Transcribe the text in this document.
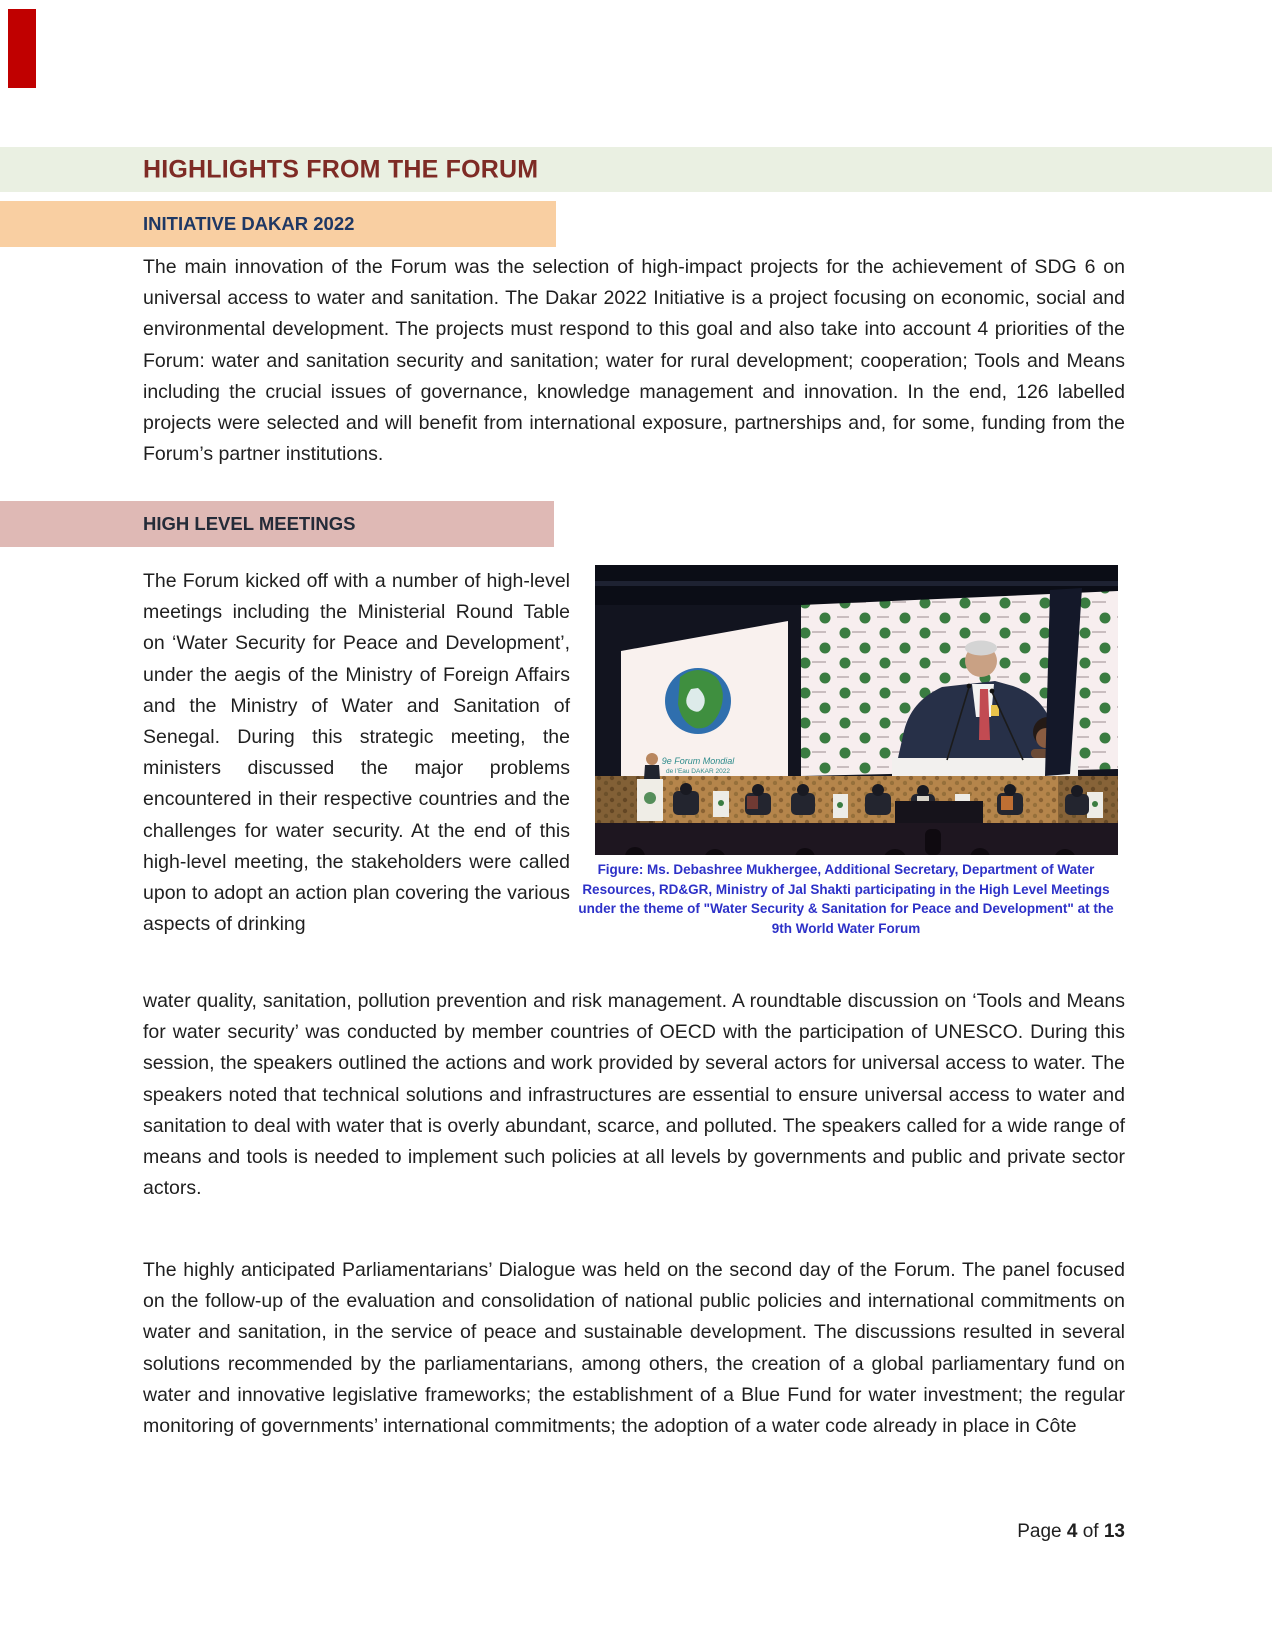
HIGHLIGHTS FROM THE FORUM
INITIATIVE DAKAR 2022
The main innovation of the Forum was the selection of high-impact projects for the achievement of SDG 6 on universal access to water and sanitation. The Dakar 2022 Initiative is a project focusing on economic, social and environmental development. The projects must respond to this goal and also take into account 4 priorities of the Forum: water and sanitation security and sanitation; water for rural development; cooperation; Tools and Means including the crucial issues of governance, knowledge management and innovation. In the end, 126 labelled projects were selected and will benefit from international exposure, partnerships and, for some, funding from the Forum’s partner institutions.
HIGH LEVEL MEETINGS
The Forum kicked off with a number of high-level meetings including the Ministerial Round Table on ‘Water Security for Peace and Development’, under the aegis of the Ministry of Foreign Affairs and the Ministry of Water and Sanitation of Senegal. During this strategic meeting, the ministers discussed the major problems encountered in their respective countries and the challenges for water security. At the end of this high-level meeting, the stakeholders were called upon to adopt an action plan covering the various aspects of drinking
9e Forum Mondial
de l’Eau DAKAR 2022
Figure: Ms. Debashree Mukhergee, Additional Secretary, Department of Water Resources, RD&GR, Ministry of Jal Shakti participating in the High Level Meetings under the theme of "Water Security & Sanitation for Peace and Development" at the 9th World Water Forum
water quality, sanitation, pollution prevention and risk management. A roundtable discussion on ‘Tools and Means for water security’ was conducted by member countries of OECD with the participation of UNESCO. During this session, the speakers outlined the actions and work provided by several actors for universal access to water. The speakers noted that technical solutions and infrastructures are essential to ensure universal access to water and sanitation to deal with water that is overly abundant, scarce, and polluted. The speakers called for a wide range of means and tools is needed to implement such policies at all levels by governments and public and private sector actors.
The highly anticipated Parliamentarians’ Dialogue was held on the second day of the Forum. The panel focused on the follow-up of the evaluation and consolidation of national public policies and international commitments on water and sanitation, in the service of peace and sustainable development. The discussions resulted in several solutions recommended by the parliamentarians, among others, the creation of a global parliamentary fund on water and innovative legislative frameworks; the establishment of a Blue Fund for water investment; the regular monitoring of governments’ international commitments; the adoption of a water code already in place in Côte
Page 4 of 13
